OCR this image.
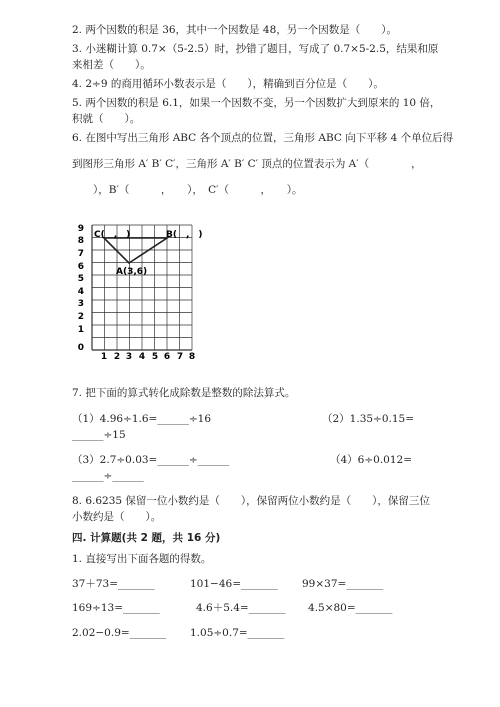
2. 两个因数的积是 36，其中一个因数是 48，另一个因数是（　　）。
3. 小迷糊计算 0.7×（5-2.5）时，抄错了题目，写成了 0.7×5-2.5，结果和原
来相差（　　）。
4. 2÷9 的商用循环小数表示是（　　），精确到百分位是（　　）。
5. 两个因数的积是 6.1，如果一个因数不变，另一个因数扩大到原来的 10 倍，
积就（　　）。
6. 在图中写出三角形 ABC 各个顶点的位置，三角形 ABC 向下平移 4 个单位后得
到图形三角形 A′ B′ C′，三角形 A′ B′ C′ 顶点的位置表示为 A′（　　　　，
　　），B′（　　　，　　），　C′（　　　，　　）。
9
8
7
6
5
4
3
2
1
0
1 2 3 4 5 6 7 8
C(　,　)	B(　,　)
A(3,6)
7. 把下面的算式转化成除数是整数的除法算式。
（1）4.96÷1.6=______÷16	（2）1.35÷0.15=
______÷15
（3）2.7÷0.03=______÷______	（4）6÷0.012=
______÷______
8. 6.6235 保留一位小数约是（　　），保留两位小数约是（　　），保留三位
小数约是（　　）。
四. 计算题(共 2 题，共 16 分)
1. 直接写出下面各题的得数。
37＋73=_______	101−46=_______ 99×37=_______
169÷13=_______	4.6＋5.4=_______ 4.5×80=_______
2.02−0.9=_______ 1.05÷0.7=_______
